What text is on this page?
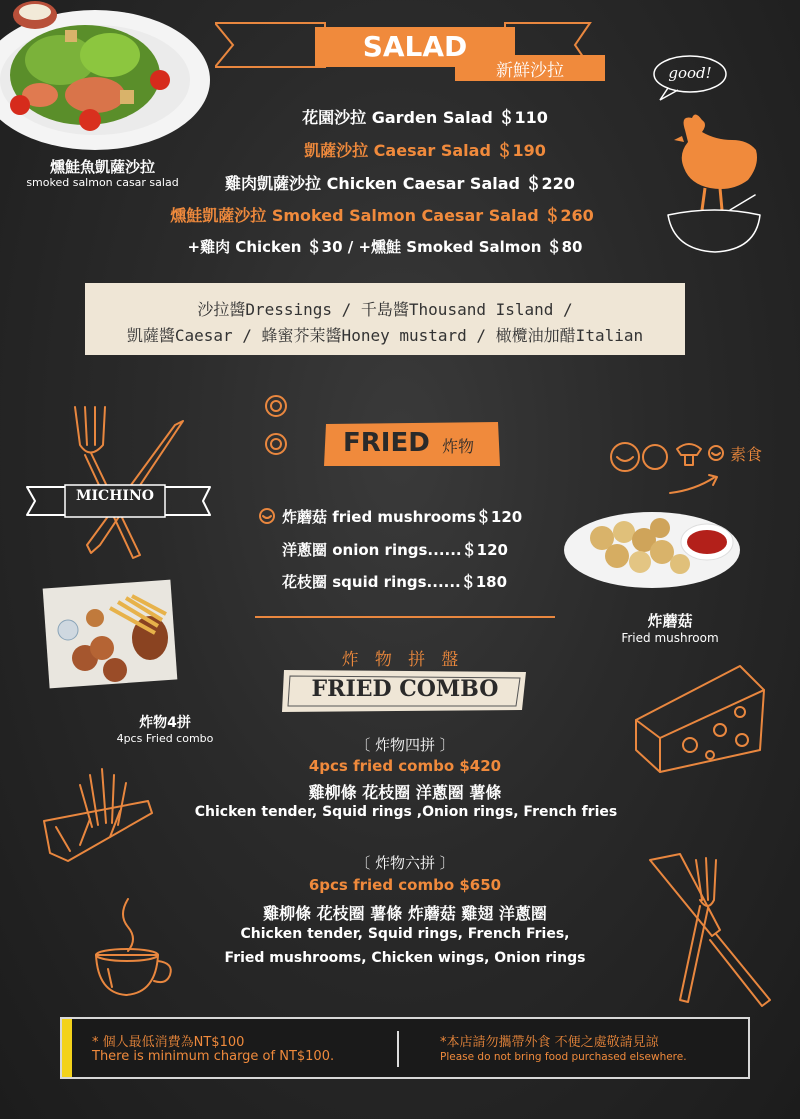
燻鮭魚凱薩沙拉
smoked salmon casar salad
SALAD
新鮮沙拉	good!
花園沙拉 Garden Salad ＄110
凱薩沙拉 Caesar Salad ＄190
雞肉凱薩沙拉 Chicken Caesar Salad ＄220
燻鮭凱薩沙拉 Smoked Salmon Caesar Salad ＄260
+雞肉 Chicken ＄30 / +燻鮭 Smoked Salmon ＄80
沙拉醬Dressings / 千島醬Thousand Island /
凱薩醬Caesar / 蜂蜜芥茉醬Honey mustard / 橄欖油加醋Italian
MICHINO
FRIED 炸物	素食
炸蘑菇 fried mushrooms＄120
洋蔥圈 onion rings......＄120
花枝圈 squid rings......＄180
炸蘑菇
Fried mushroom
炸物4拼
4pcs Fried combo
炸   物   拼   盤
FRIED COMBO
〔 炸物四拼 〕
4pcs fried combo $420
雞柳條 花枝圈 洋蔥圈 薯條
Chicken tender, Squid rings ,Onion rings, French fries
〔 炸物六拼 〕
6pcs fried combo $650
雞柳條 花枝圈 薯條 炸蘑菇 雞翅 洋蔥圈
Chicken tender, Squid rings, French Fries,
Fried mushrooms, Chicken wings, Onion rings
* 個人最低消費為NT$100
There is minimum charge of NT$100.
*本店請勿攜帶外食 不便之處敬請見諒
Please do not bring food purchased elsewhere.
